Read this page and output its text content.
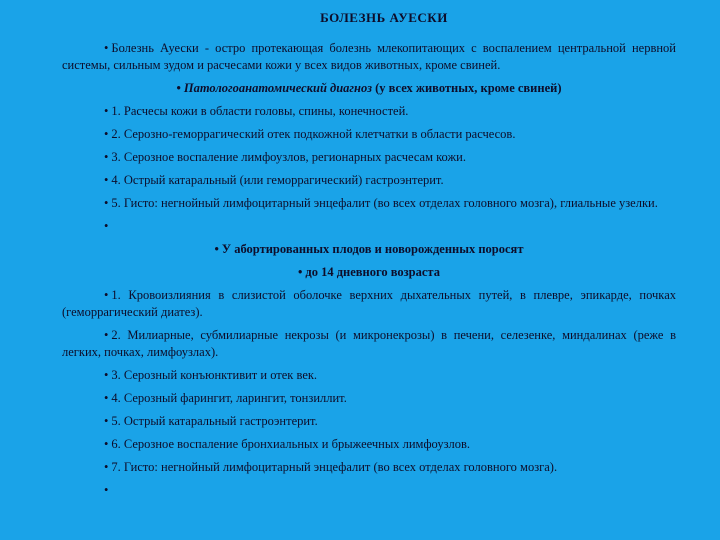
БОЛЕЗНЬ АУЕСКИ

• Болезнь Ауески - остро протекающая болезнь млекопитающих с воспалением центральной нервной системы, сильным зудом и расчесами кожи у всех видов животных, кроме свиней.

• Патологоанатомический диагноз (у всех животных, кроме свиней)

• 1. Расчесы кожи в области головы, спины, конечностей.

• 2. Серозно-геморрагический отек подкожной клетчатки в области расчесов.

• 3. Серозное воспаление лимфоузлов, регионарных расчесам кожи.

• 4. Острый катаральный (или геморрагический) гастроэнтерит.

• 5. Гисто: негнойный лимфоцитарный энцефалит (во всех отделах головного мозга), глиальные узелки.

•

• У абортированных плодов и новорожденных поросят

• до 14 дневного возраста

• 1. Кровоизлияния в слизистой оболочке верхних дыхательных путей, в плевре, эпикарде, почках (геморрагический диатез).

• 2. Милиарные, субмилиарные некрозы (и микронекрозы) в печени, селезенке, миндалинах (реже в легких, почках, лимфоузлах).

• 3. Серозный конъюнктивит и отек век.

• 4. Серозный фарингит, ларингит, тонзиллит.

• 5. Острый катаральный гастроэнтерит.

• 6. Серозное воспаление бронхиальных и брыжеечных лимфоузлов.

• 7. Гисто: негнойный лимфоцитарный энцефалит (во всех отделах головного мозга).

•
